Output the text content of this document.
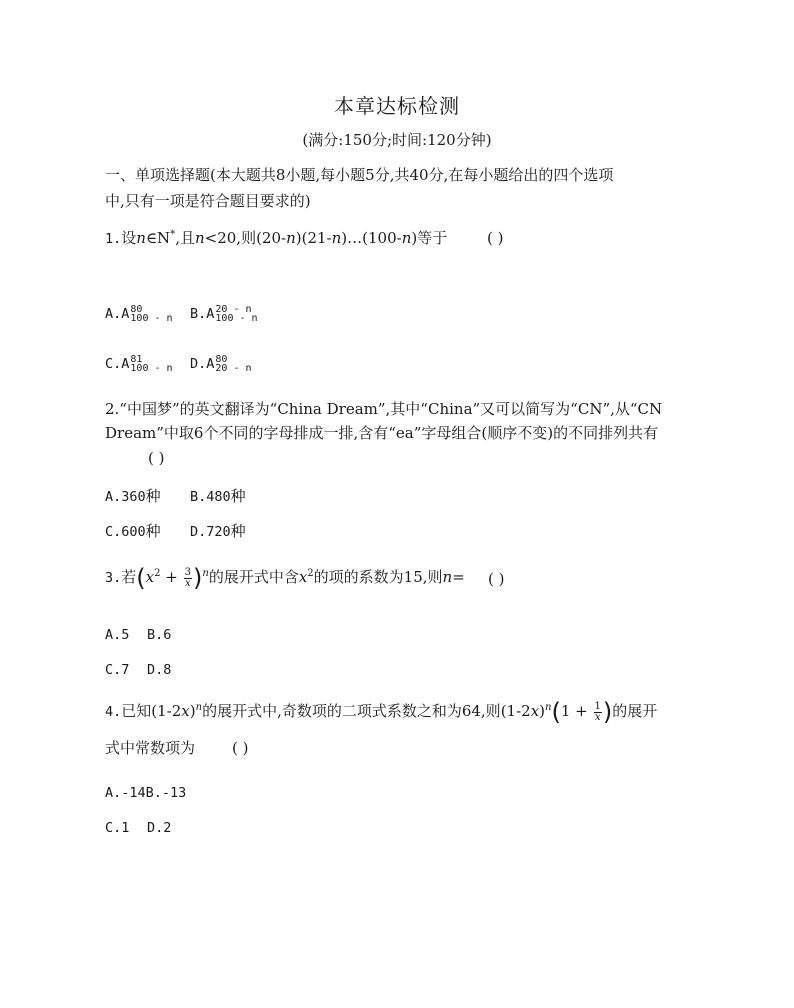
本章达标检测
(满分:150分;时间:120分钟)
一、单项选择题(本大题共8小题,每小题5分,共40分,在每小题给出的四个选项
中,只有一项是符合题目要求的)
1.设n∈N*,且n<20,则(20-n)(21-n)…(100-n)等于	( )
A.A 80
100 - n B.A 20 - n
100 - n
C.A 81
100 - n D.A 80
20 - n
2.“中国梦”的英文翻译为“China Dream”,其中“China”又可以简写为“CN”,从“CN
Dream”中取6个不同的字母排成一排,含有“ea”字母组合(顺序不变)的不同排列共有
( )
A.360种 B.480种
C.600种 D.720种
3.若$(x^2 + \frac{3}{x} )^n$的展开式中含$x^2$的项的系数为15,则n= ( )
A.5 B.6
C.7 D.8
4.已知$(1-2x)^n$的展开式中,奇数项的二项式系数之和为64,则$(1-2x)^n(1 + \frac{1}{x}$ )的展开
式中常数项为 ( )
A.-14B.-13
C.1 D.2
